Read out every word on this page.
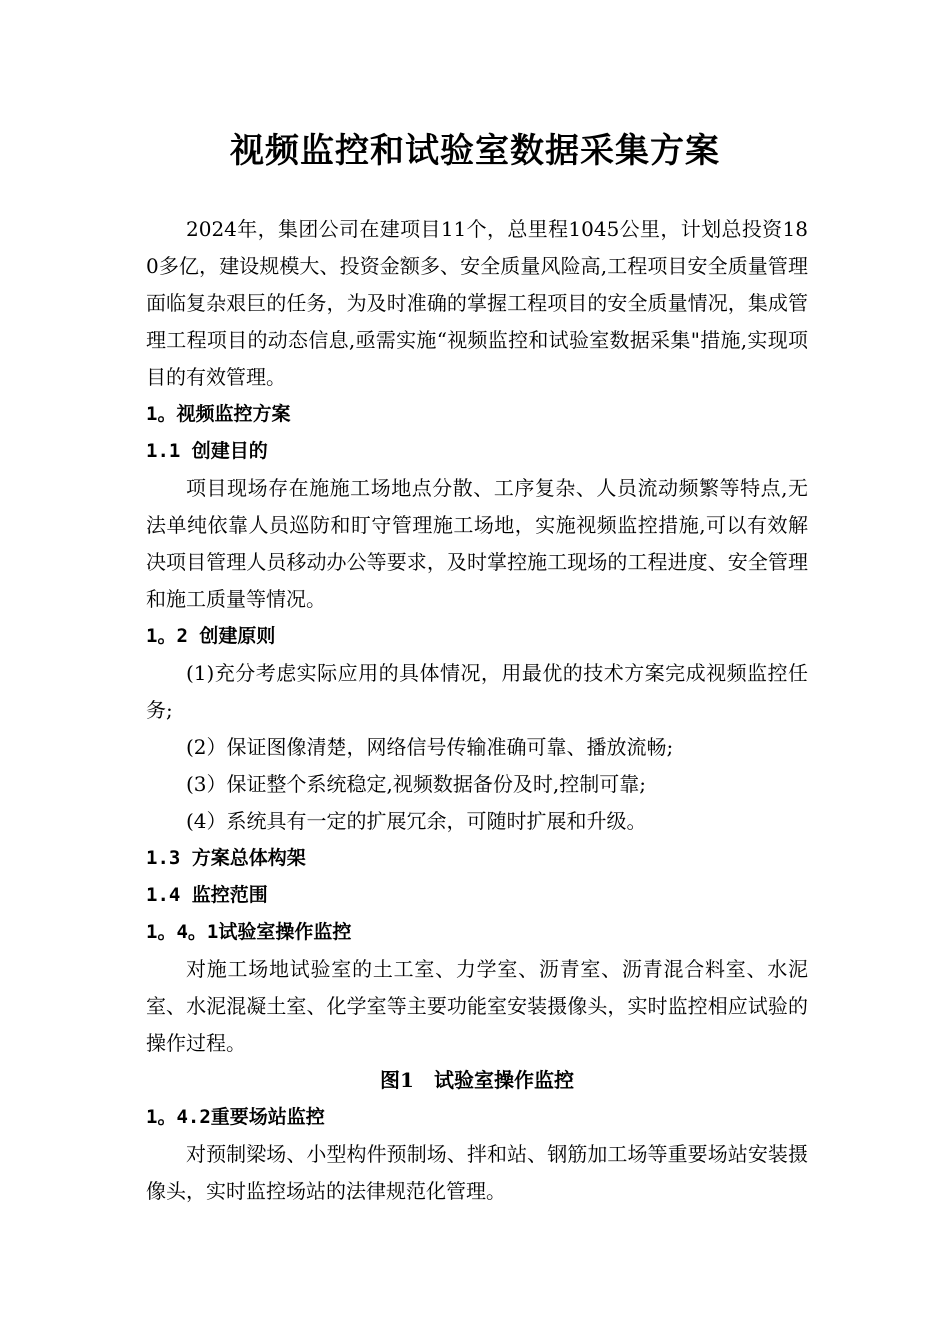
视频监控和试验室数据采集方案

2024年，集团公司在建项目11个，总里程1045公里，计划总投资180多亿，建设规模大、投资金额多、安全质量风险高,工程项目安全质量管理面临复杂艰巨的任务，为及时准确的掌握工程项目的安全质量情况，集成管理工程项目的动态信息,亟需实施“视频监控和试验室数据采集"措施,实现项目的有效管理。

1。视频监控方案

1.1 创建目的

项目现场存在施施工场地点分散、工序复杂、人员流动频繁等特点,无法单纯依靠人员巡防和盯守管理施工场地，实施视频监控措施,可以有效解决项目管理人员移动办公等要求，及时掌控施工现场的工程进度、安全管理和施工质量等情况。

1。2 创建原则

(1)充分考虑实际应用的具体情况，用最优的技术方案完成视频监控任务;

(2）保证图像清楚，网络信号传输准确可靠、播放流畅;

(3）保证整个系统稳定,视频数据备份及时,控制可靠;

(4）系统具有一定的扩展冗余，可随时扩展和升级。

1.3 方案总体构架

1.4 监控范围

1。4。1试验室操作监控

对施工场地试验室的土工室、力学室、沥青室、沥青混合料室、水泥室、水泥混凝土室、化学室等主要功能室安装摄像头，实时监控相应试验的操作过程。

图1　试验室操作监控

1。4.2重要场站监控

对预制梁场、小型构件预制场、拌和站、钢筋加工场等重要场站安装摄像头，实时监控场站的法律规范化管理。
